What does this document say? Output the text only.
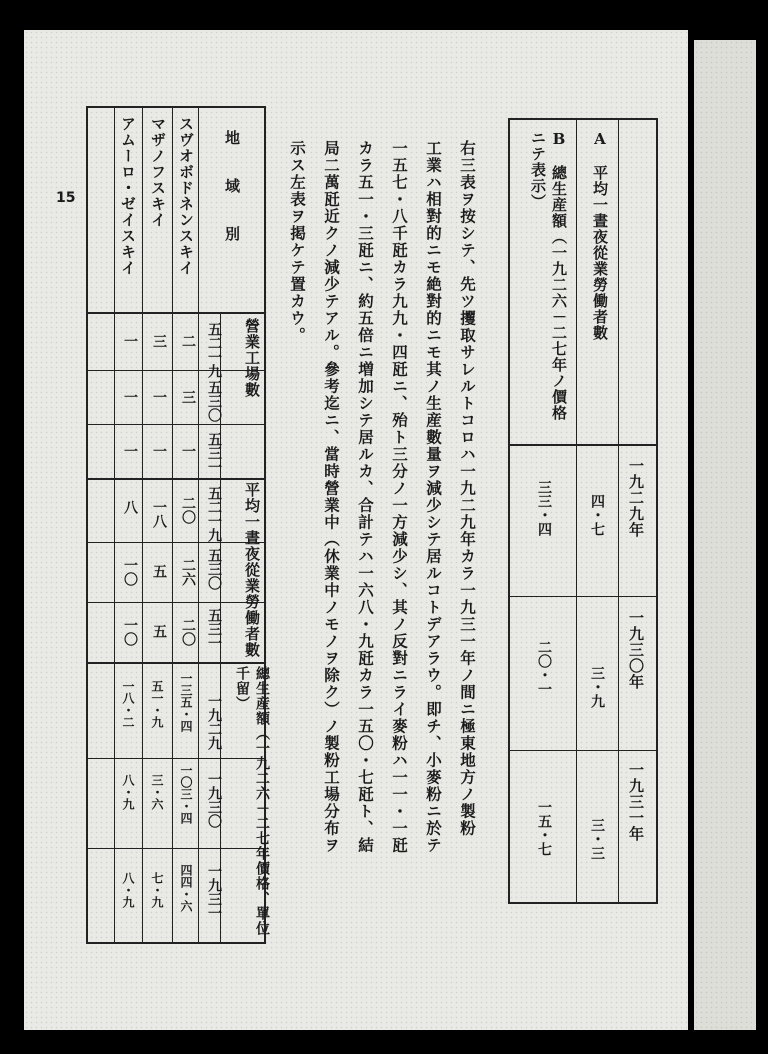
15	A　平均一晝夜從業勞働者數
B　總生産額（一九二六－二七年ノ價格ニテ表示）
一九二九年
一九三〇年
一九三一年
四・七
三・九
三・三
三三・四
二〇・一
一五・七
右三表ヲ按シテ、先ツ攫取サレルトコロハ一九二九年カラ一九三一年ノ間ニ極東地方ノ製粉
工業ハ相對的ニモ絶對的ニモ其ノ生産數量ヲ減少シテ居ルコトデアラウ。即チ、小麥粉ニ於テ
一五七・八千瓩カラ九九・四瓩ニ、殆ト三分ノ一方減少シ、其ノ反對ニライ麥粉ハ一一・一瓩
カラ五一・三瓩ニ、約五倍ニ増加シテ居ルカ、合計テハ一六八・九瓩カラ一五〇・七瓩ト、結
局二萬瓩近クノ減少テアル。參考迄ニ、當時營業中（休業中ノモノヲ除ク）ノ製粉工場分布ヲ
示ス左表ヲ掲ケテ置カウ。
地　　域　　別
營業工場數
平均一晝夜從業勞働者數
總生産額（一九二六－二七年價格、單位千留）
五二一九
五三〇
五三一
五二一九
五三〇
五三一
一九二九
一九三〇
一九三一
スヴオボドネンスキイ
マザノフスキイ
アムーロ・ゼイスキイ
二
三
一
二〇
二六
二〇
一三五・四
一〇三・四
四四・六
三
一
一
一八
五
五
五一・九
三・六
七・九
一
一
一
八
一〇
一〇
一八・二
八・九
八・九
